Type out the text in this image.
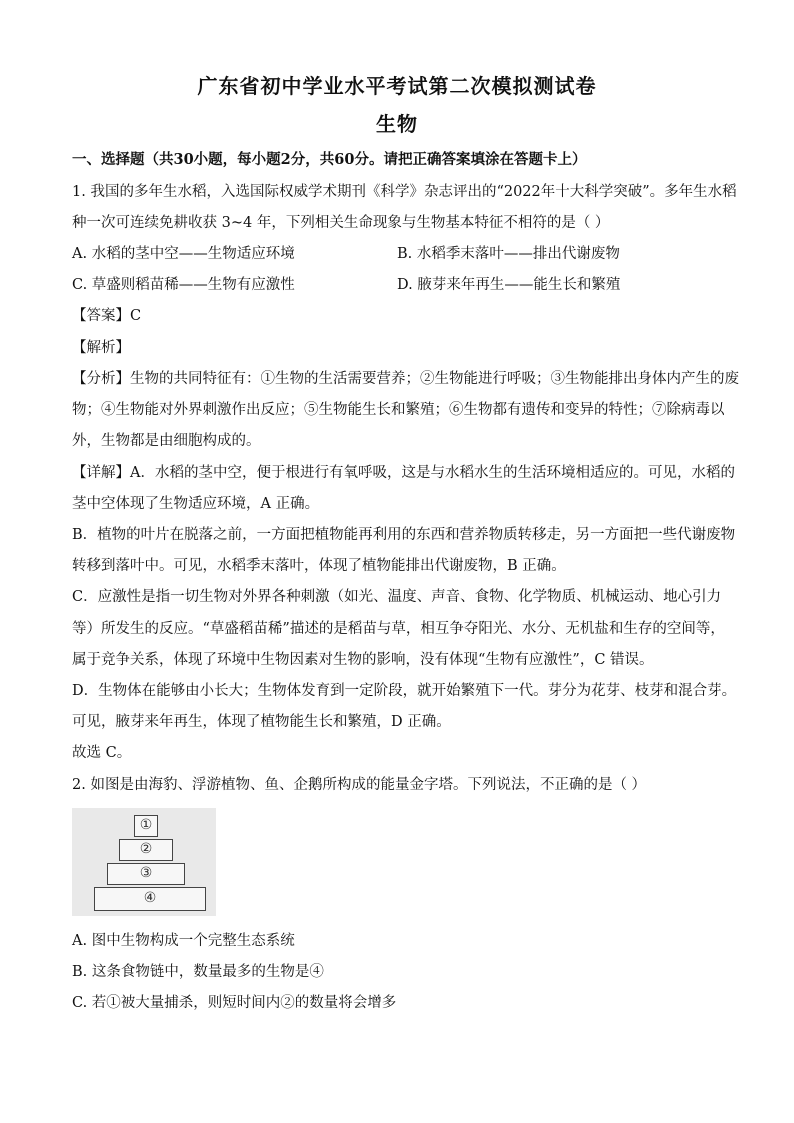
广东省初中学业水平考试第二次模拟测试卷
生物
一、选择题（共30小题，每小题2分，共60分。请把正确答案填涂在答题卡上）
1. 我国的多年生水稻，入选国际权威学术期刊《科学》杂志评出的“2022年十大科学突破”。多年生水稻
种一次可连续免耕收获 3~4 年，下列相关生命现象与生物基本特征不相符的是（ ）
A. 水稻的茎中空——生物适应环境	B. 水稻季末落叶——排出代谢废物
C. 草盛则稻苗稀——生物有应激性	D. 腋芽来年再生——能生长和繁殖
【答案】C
【解析】
【分析】生物的共同特征有：①生物的生活需要营养；②生物能进行呼吸；③生物能排出身体内产生的废
物；④生物能对外界刺激作出反应；⑤生物能生长和繁殖；⑥生物都有遗传和变异的特性；⑦除病毒以
外，生物都是由细胞构成的。
【详解】A．水稻的茎中空，便于根进行有氧呼吸，这是与水稻水生的生活环境相适应的。可见，水稻的
茎中空体现了生物适应环境，A 正确。
B．植物的叶片在脱落之前，一方面把植物能再利用的东西和营养物质转移走，另一方面把一些代谢废物
转移到落叶中。可见，水稻季末落叶，体现了植物能排出代谢废物，B 正确。
C．应激性是指一切生物对外界各种刺激（如光、温度、声音、食物、化学物质、机械运动、地心引力
等）所发生的反应。“草盛稻苗稀”描述的是稻苗与草，相互争夺阳光、水分、无机盐和生存的空间等，
属于竞争关系，体现了环境中生物因素对生物的影响，没有体现“生物有应激性”，C 错误。
D．生物体在能够由小长大；生物体发育到一定阶段，就开始繁殖下一代。芽分为花芽、枝芽和混合芽。
可见，腋芽来年再生，体现了植物能生长和繁殖，D 正确。
故选 C。
2. 如图是由海豹、浮游植物、鱼、企鹅所构成的能量金字塔。下列说法，不正确的是（ ）
①
②
③
④
A. 图中生物构成一个完整生态系统
B. 这条食物链中，数量最多的生物是④
C. 若①被大量捕杀，则短时间内②的数量将会增多
